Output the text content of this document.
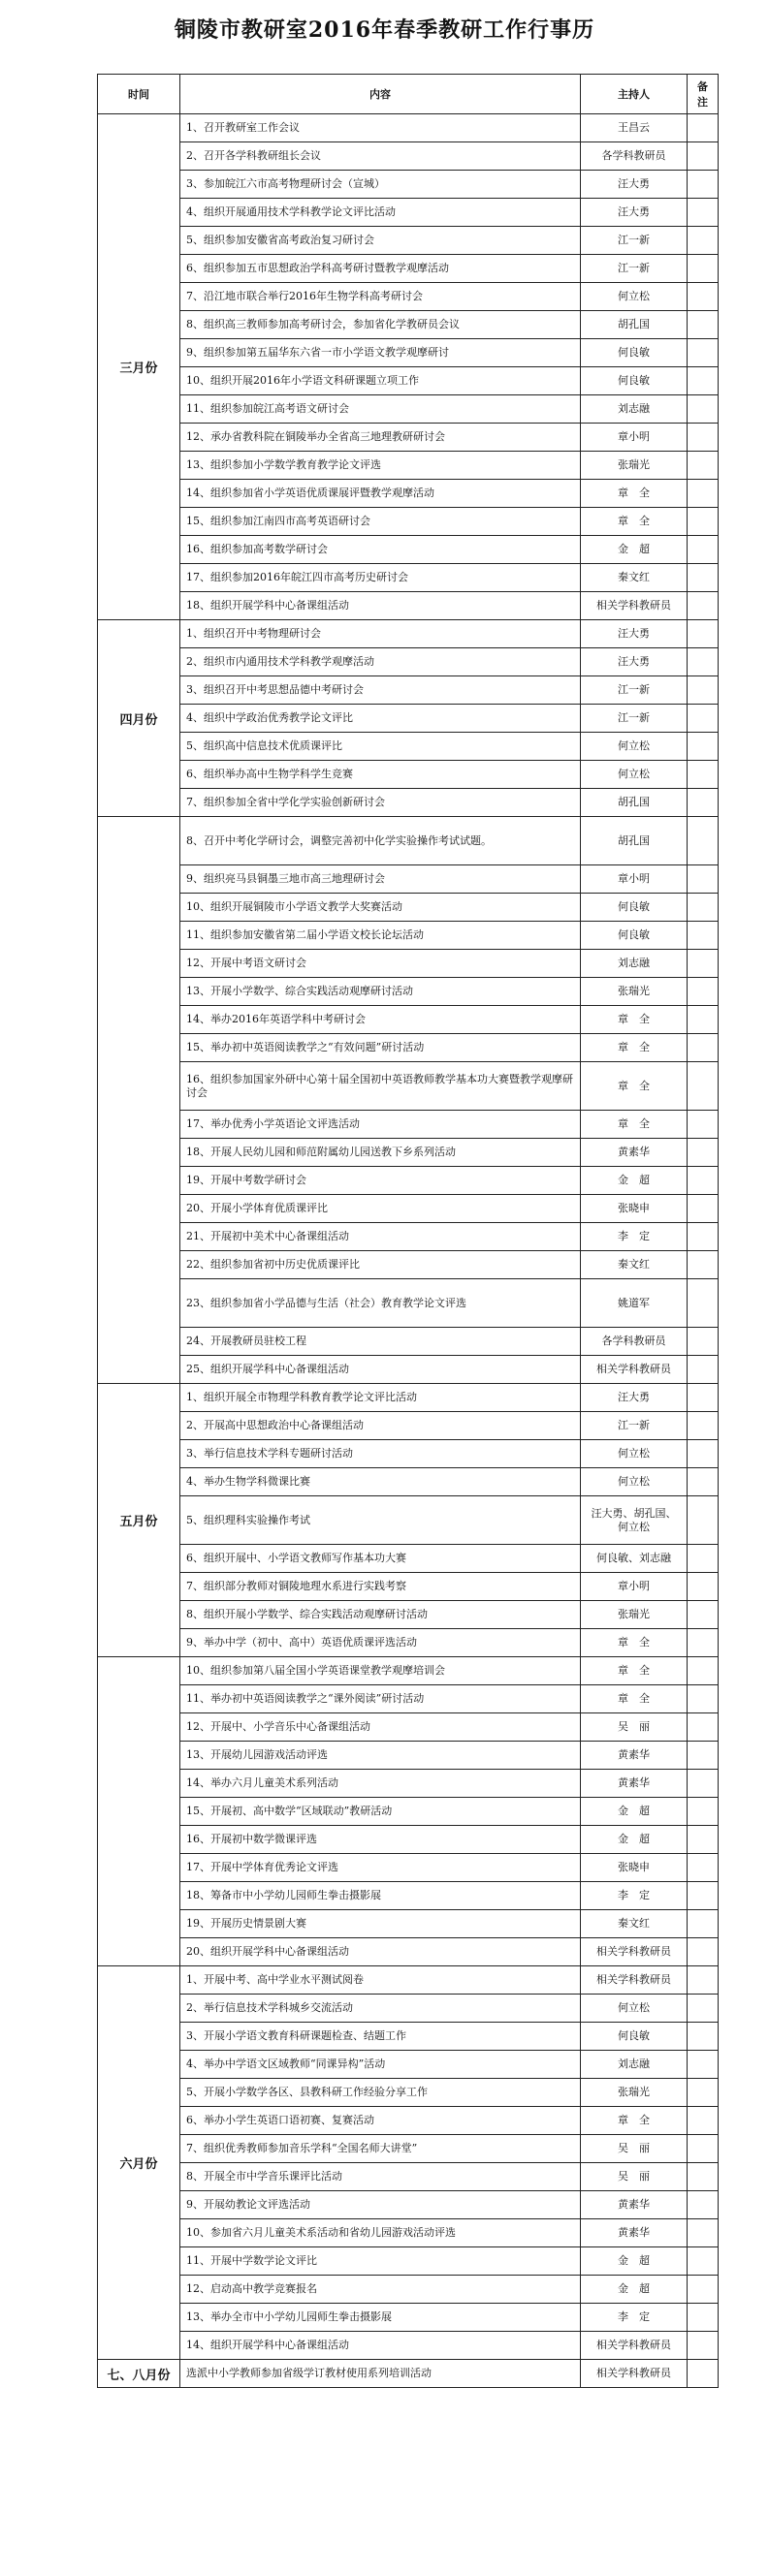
铜陵市教研室2016年春季教研工作行事历
时间	内容	主持人	备注
三月份	1、召开教研室工作会议	王昌云	
	2、召开各学科教研组长会议	各学科教研员	
	3、参加皖江六市高考物理研讨会（宣城）	汪大勇	
	4、组织开展通用技术学科教学论文评比活动	汪大勇	
	5、组织参加安徽省高考政治复习研讨会	江一新	
	6、组织参加五市思想政治学科高考研讨暨教学观摩活动	江一新	
	7、沿江地市联合举行2016年生物学科高考研讨会	何立松	
	8、组织高三教师参加高考研讨会，参加省化学教研员会议	胡孔国	
	9、组织参加第五届华东六省一市小学语文教学观摩研讨	何良敏	
	10、组织开展2016年小学语文科研课题立项工作	何良敏	
	11、组织参加皖江高考语文研讨会	刘志融	
	12、承办省教科院在铜陵举办全省高三地理教研研讨会	章小明	
	13、组织参加小学数学教育教学论文评选	张瑞光	
	14、组织参加省小学英语优质课展评暨教学观摩活动	章　全	
	15、组织参加江南四市高考英语研讨会	章　全	
	16、组织参加高考数学研讨会	金　超	
	17、组织参加2016年皖江四市高考历史研讨会	秦文红	
	18、组织开展学科中心备课组活动	相关学科教研员	
四月份	1、组织召开中考物理研讨会	汪大勇	
	2、组织市内通用技术学科教学观摩活动	汪大勇	
	3、组织召开中考思想品德中考研讨会	江一新	
	4、组织中学政治优秀教学论文评比	江一新	
	5、组织高中信息技术优质课评比	何立松	
	6、组织举办高中生物学科学生竞赛	何立松	
	7、组织参加全省中学化学实验创新研讨会	胡孔国	
	8、召开中考化学研讨会，调整完善初中化学实验操作考试试题。	胡孔国	
	9、组织亮马县铜墨三地市高三地理研讨会	章小明	
	10、组织开展铜陵市小学语文教学大奖赛活动	何良敏	
	11、组织参加安徽省第二届小学语文校长论坛活动	何良敏	
	12、开展中考语文研讨会	刘志融	
	13、开展小学数学、综合实践活动观摩研讨活动	张瑞光	
	14、举办2016年英语学科中考研讨会	章　全	
	15、举办初中英语阅读教学之“有效问题”研讨活动	章　全	
	16、组织参加国家外研中心第十届全国初中英语教师教学基本功大赛暨教学观摩研讨会	章　全	
	17、举办优秀小学英语论文评选活动	章　全	
	18、开展人民幼儿园和师范附属幼儿园送教下乡系列活动	黄素华	
	19、开展中考数学研讨会	金　超	
	20、开展小学体育优质课评比	张晓申	
	21、开展初中美术中心备课组活动	李　定	
	22、组织参加省初中历史优质课评比	秦文红	
	23、组织参加省小学品德与生活（社会）教育教学论文评选	姚道军	
	24、开展教研员驻校工程	各学科教研员	
	25、组织开展学科中心备课组活动	相关学科教研员	
五月份	1、组织开展全市物理学科教育教学论文评比活动	汪大勇	
	2、开展高中思想政治中心备课组活动	江一新	
	3、举行信息技术学科专题研讨活动	何立松	
	4、举办生物学科微课比赛	何立松	
	5、组织理科实验操作考试	汪大勇、胡孔国、何立松	
	6、组织开展中、小学语文教师写作基本功大赛	何良敏、刘志融	
	7、组织部分教师对铜陵地理水系进行实践考察	章小明	
	8、组织开展小学数学、综合实践活动观摩研讨活动	张瑞光	
	9、举办中学（初中、高中）英语优质课评选活动	章　全	
	10、组织参加第八届全国小学英语课堂教学观摩培训会	章　全	
	11、举办初中英语阅读教学之“课外阅读”研讨活动	章　全	
	12、开展中、小学音乐中心备课组活动	吴　丽	
	13、开展幼儿园游戏活动评选	黄素华	
	14、举办六月儿童美术系列活动	黄素华	
	15、开展初、高中数学“区域联动”教研活动	金　超	
	16、开展初中数学微课评选	金　超	
	17、开展中学体育优秀论文评选	张晓申	
	18、筹备市中小学幼儿园师生拳击摄影展	李　定	
	19、开展历史情景剧大赛	秦文红	
	20、组织开展学科中心备课组活动	相关学科教研员	
六月份	1、开展中考、高中学业水平测试阅卷	相关学科教研员	
	2、举行信息技术学科城乡交流活动	何立松	
	3、开展小学语文教育科研课题检查、结题工作	何良敏	
	4、举办中学语文区域教师“同课异构”活动	刘志融	
	5、开展小学数学各区、县教科研工作经验分享工作	张瑞光	
	6、举办小学生英语口语初赛、复赛活动	章　全	
	7、组织优秀教师参加音乐学科“全国名师大讲堂”	吴　丽	
	8、开展全市中学音乐课评比活动	吴　丽	
	9、开展幼教论文评选活动	黄素华	
	10、参加省六月儿童美术系活动和省幼儿园游戏活动评选	黄素华	
	11、开展中学数学论文评比	金　超	
	12、启动高中教学竞赛报名	金　超	
	13、举办全市中小学幼儿园师生拳击摄影展	李　定	
	14、组织开展学科中心备课组活动	相关学科教研员	
七、八月份	选派中小学教师参加省级学订教材使用系列培训活动	相关学科教研员	
